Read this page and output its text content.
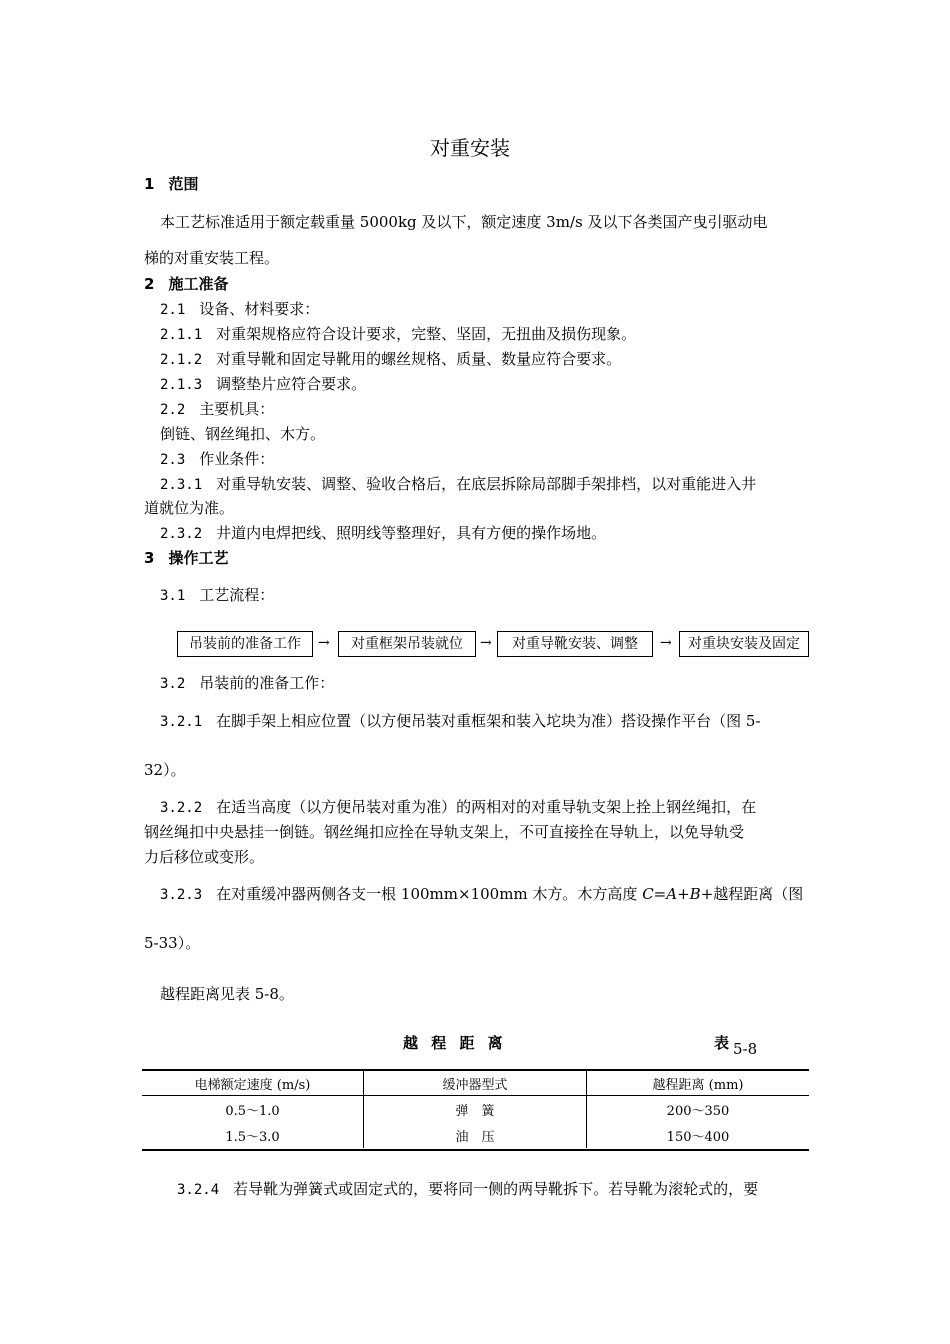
对重安装
1 范围
本工艺标准适用于额定载重量 5000kg 及以下，额定速度 3m/s 及以下各类国产曳引驱动电
梯的对重安装工程。
2 施工准备
2.1 设备、材料要求：
2.1.1 对重架规格应符合设计要求，完整、坚固，无扭曲及损伤现象。
2.1.2 对重导靴和固定导靴用的螺丝规格、质量、数量应符合要求。
2.1.3 调整垫片应符合要求。
2.2 主要机具：
倒链、钢丝绳扣、木方。
2.3 作业条件：
2.3.1 对重导轨安装、调整、验收合格后，在底层拆除局部脚手架排档，以对重能进入井
道就位为准。
2.3.2 井道内电焊把线、照明线等整理好，具有方便的操作场地。
3 操作工艺
3.1 工艺流程：
吊装前的准备工作	→	对重框架吊装就位	→	对重导靴安装、调整	→	对重块安装及固定
3.2 吊装前的准备工作：
3.2.1 在脚手架上相应位置（以方便吊装对重框架和装入坨块为准）搭设操作平台（图 5-
32）。
3.2.2 在适当高度（以方便吊装对重为准）的两相对的对重导轨支架上拴上钢丝绳扣，在
钢丝绳扣中央悬挂一倒链。钢丝绳扣应拴在导轨支架上，不可直接拴在导轨上，以免导轨受
力后移位或变形。
3.2.3 在对重缓冲器两侧各支一根 100mm×100mm 木方。木方高度 C=A+B+越程距离（图
5-33）。
越程距离见表 5-8。
越 程 距 离	表 5-8
电梯额定速度 (m/s)	缓冲器型式	越程距离 (mm)
0.5～1.0	弹　簧	200～350
1.5～3.0	油　压	150～400
3.2.4 若导靴为弹簧式或固定式的，要将同一侧的两导靴拆下。若导靴为滚轮式的，要
